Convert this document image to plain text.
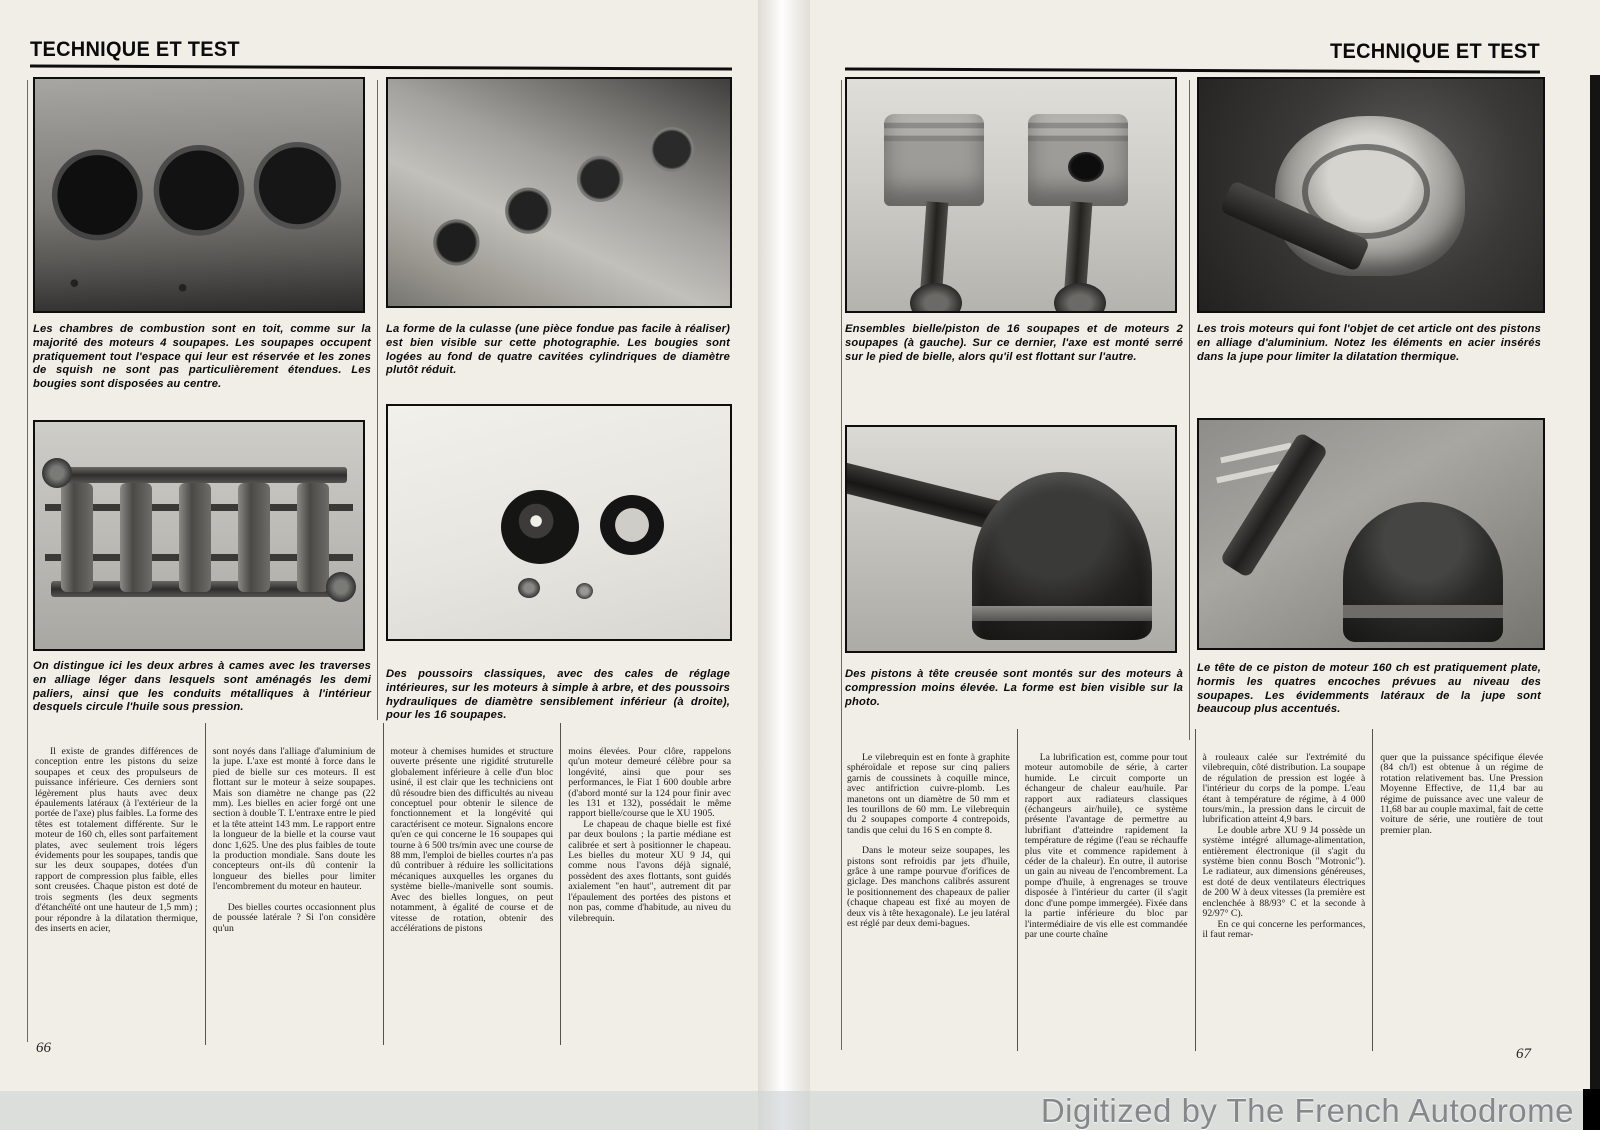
TECHNIQUE ET TEST
Les chambres de combustion sont en toit, comme sur la majorité des moteurs 4 soupapes. Les soupapes occupent pratiquement tout l'espace qui leur est réservée et les zones de squish ne sont pas particulièrement étendues. Les bougies sont disposées au centre.
La forme de la culasse (une pièce fondue pas facile à réaliser) est bien visible sur cette photographie. Les bougies sont logées au fond de quatre cavitées cylindriques de diamètre plutôt réduit.
On distingue ici les deux arbres à cames avec les traverses en alliage léger dans lesquels sont aménagés les demi paliers, ainsi que les conduits métalliques à l'intérieur desquels circule l'huile sous pression.
Des poussoirs classiques, avec des cales de réglage intérieures, sur les moteurs à simple à arbre, et des poussoirs hydrauliques de diamètre sensiblement inférieur (à droite), pour les 16 soupapes.

Il existe de grandes différences de conception entre les pistons du seize soupapes et ceux des propulseurs de puissance inférieure. Ces derniers sont légèrement plus hauts avec deux épaulements latéraux (à l'extérieur de la portée de l'axe) plus faibles. La forme des têtes est totalement différente. Sur le moteur de 160 ch, elles sont parfaitement plates, avec seulement trois légers évidements pour les soupapes, tandis que sur les deux soupapes, dotées d'un rapport de compression plus faible, elles sont creusées. Chaque piston est doté de trois segments (les deux segments d'étanchéïté ont une hauteur de 1,5 mm) ; pour répondre à la dilatation thermique, des inserts en acier,

sont noyés dans l'alliage d'aluminium de la jupe. L'axe est monté à force dans le pied de bielle sur ces moteurs. Il est flottant sur le moteur à seize soupapes. Mais son diamètre ne change pas (22 mm). Les bielles en acier forgé ont une section à double T. L'entraxe entre le pied et la tête atteint 143 mm. Le rapport entre la longueur de la bielle et la course vaut donc 1,625. Une des plus faibles de toute la production mondiale. Sans doute les concepteurs ont-ils dû contenir la longueur des bielles pour limiter l'encombrement du moteur en hauteur.

Des bielles courtes occasionnent plus de poussée latérale ? Si l'on considère qu'un

moteur à chemises humides et structure ouverte présente une rigidité struturelle globalement inférieure à celle d'un bloc usiné, il est clair que les techniciens ont dû résoudre bien des difficultés au niveau conceptuel pour obtenir le silence de fonctionnement et la longévité qui caractérisent ce moteur. Signalons encore qu'en ce qui concerne le 16 soupapes qui tourne à 6 500 trs/min avec une course de 88 mm, l'emploi de bielles courtes n'a pas dû contribuer à réduire les sollicitations mécaniques auxquelles les organes du système bielle-/manivelle sont soumis. Avec des bielles longues, on peut notamment, à égalité de course et de vitesse de rotation, obtenir des accélérations de pistons

moins élevées. Pour clôre, rappelons qu'un moteur demeuré célèbre pour sa longévité, ainsi que pour ses performances, le Fiat 1 600 double arbre (d'abord monté sur la 124 pour finir avec les 131 et 132), possédait le même rapport bielle/course que le XU 1905.

Le chapeau de chaque bielle est fixé par deux boulons ; la partie médiane est calibrée et sert à positionner le chapeau. Les bielles du moteur XU 9 J4, qui comme nous l'avons déjà signalé, possèdent des axes flottants, sont guidés axialement "en haut", autrement dit par l'épaulement des portées des pistons et non pas, comme d'habitude, au niveu du vilebrequin.

66
TECHNIQUE ET TEST
Ensembles bielle/piston de 16 soupapes et de moteurs 2 soupapes (à gauche). Sur ce dernier, l'axe est monté serré sur le pied de bielle, alors qu'il est flottant sur l'autre.
Les trois moteurs qui font l'objet de cet article ont des pistons en alliage d'aluminium. Notez les éléments en acier insérés dans la jupe pour limiter la dilatation thermique.
Des pistons à tête creusée sont montés sur des moteurs à compression moins élevée. La forme est bien visible sur la photo.
Le tête de ce piston de moteur 160 ch est pratiquement plate, hormis les quatres encoches prévues au niveau des soupapes. Les évidemments latéraux de la jupe sont beaucoup plus accentués.

Le vilebrequin est en fonte à graphite sphéroïdale et repose sur cinq paliers garnis de coussinets à coquille mince, avec antifriction cuivre-plomb. Les manetons ont un diamètre de 50 mm et les tourillons de 60 mm. Le vilebrequin du 2 soupapes comporte 4 contrepoids, tandis que celui du 16 S en compte 8.

Dans le moteur seize soupapes, les pistons sont refroidis par jets d'huile, grâce à une rampe pourvue d'orifices de giclage. Des manchons calibrés assurent le positionnement des chapeaux de palier (chaque chapeau est fixé au moyen de deux vis à tête hexagonale). Le jeu latéral est réglé par deux demi-bagues.

La lubrification est, comme pour tout moteur automobile de série, à carter humide. Le circuit comporte un échangeur de chaleur eau/huile. Par rapport aux radiateurs classiques (échangeurs air/huile), ce système présente l'avantage de permettre au lubrifiant d'atteindre rapidement la température de régime (l'eau se réchauffe plus vite et commence rapidement à céder de la chaleur). En outre, il autorise un gain au niveau de l'encombrement. La pompe d'huile, à engrenages se trouve disposée à l'intérieur du carter (il s'agit donc d'une pompe immergée). Fixée dans la partie inférieure du bloc par l'intermédiaire de vis elle est commandée par une courte chaîne

à rouleaux calée sur l'extrémité du vilebrequin, côté distribution. La soupape de régulation de pression est logée à l'intérieur du corps de la pompe. L'eau étant à température de régime, à 4 000 tours/min., la pression dans le circuit de lubrification atteint 4,9 bars.

Le double arbre XU 9 J4 possède un système intégré allumage-alimentation, entièrement électronique (il s'agit du système bien connu Bosch "Motronic"). Le radiateur, aux dimensions généreuses, est doté de deux ventilateurs électriques de 200 W à deux vitesses (la première est enclenchée à 88/93° C et la seconde à 92/97° C).

En ce qui concerne les performances, il faut remar-

quer que la puissance spécifique élevée (84 ch/l) est obtenue à un régime de rotation relativement bas. Une Pression Moyenne Effective, de 11,4 bar au régime de puissance avec une valeur de 11,68 bar au couple maximal, fait de cette voiture de série, une routière de tout premier plan.

67
Digitized by The French Autodrome
